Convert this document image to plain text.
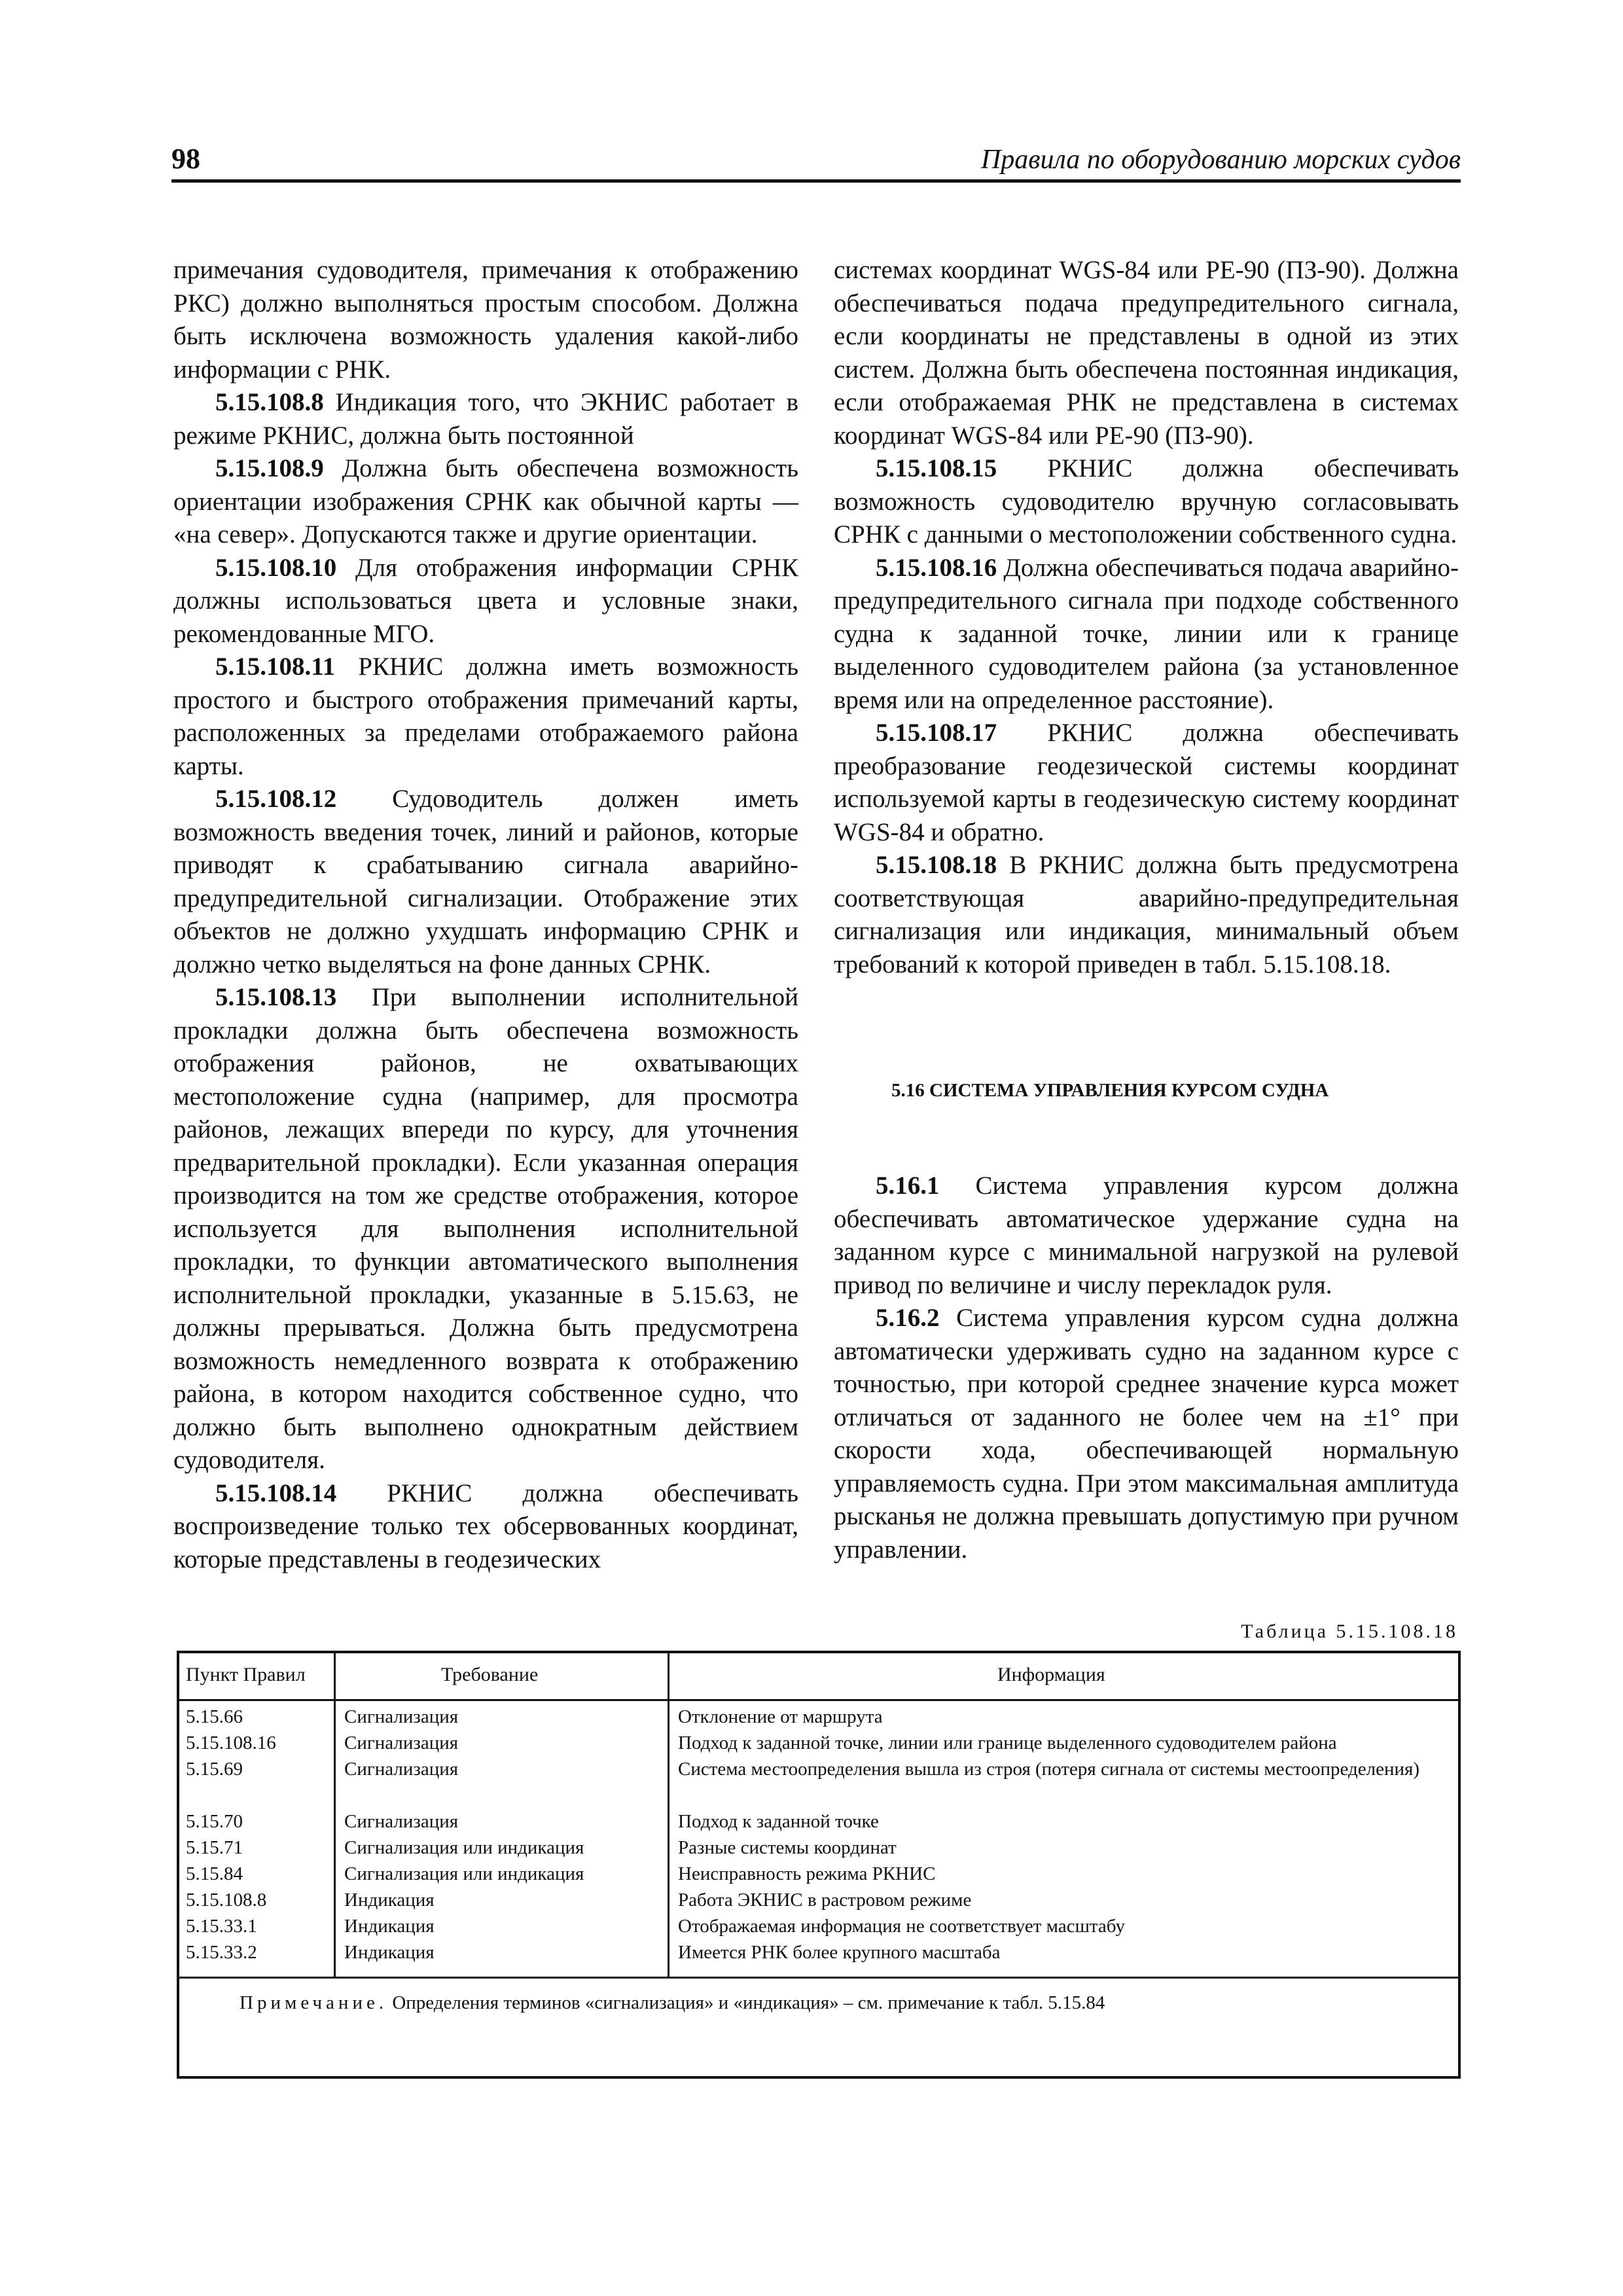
98	Правила по оборудованию морских судов

примечания судоводителя, примечания к отображению РКС) должно выполняться простым способом. Должна быть исключена возможность удаления какой-либо информации с РНК.

5.15.108.8 Индикация того, что ЭКНИС работает в режиме РКНИС, должна быть постоянной

5.15.108.9 Должна быть обеспечена возможность ориентации изображения СРНК как обычной карты — «на север». Допускаются также и другие ориентации.

5.15.108.10 Для отображения информации СРНК должны использоваться цвета и условные знаки, рекомендованные МГО.

5.15.108.11 РКНИС должна иметь возможность простого и быстрого отображения примечаний карты, расположенных за пределами отображаемого района карты.

5.15.108.12 Судоводитель должен иметь возможность введения точек, линий и районов, которые приводят к срабатыванию сигнала аварийно-предупредительной сигнализации. Отображение этих объектов не должно ухудшать информацию СРНК и должно четко выделяться на фоне данных СРНК.

5.15.108.13 При выполнении исполнительной прокладки должна быть обеспечена возможность отображения районов, не охватывающих местоположение судна (например, для просмотра районов, лежащих впереди по курсу, для уточнения предварительной прокладки). Если указанная операция производится на том же средстве отображения, которое используется для выполнения исполнительной прокладки, то функции автоматического выполнения исполнительной прокладки, указанные в 5.15.63, не должны прерываться. Должна быть предусмотрена возможность немедленного возврата к отображению района, в котором находится собственное судно, что должно быть выполнено однократным действием судоводителя.

5.15.108.14 РКНИС должна обеспечивать воспроизведение только тех обсервованных координат, которые представлены в геодезических

системах координат WGS-84 или PE-90 (ПЗ-90). Должна обеспечиваться подача предупредительного сигнала, если координаты не представлены в одной из этих систем. Должна быть обеспечена постоянная индикация, если отображаемая РНК не представлена в системах координат WGS-84 или PE-90 (ПЗ-90).

5.15.108.15 РКНИС должна обеспечивать возможность судоводителю вручную согласовывать СРНК с данными о местоположении собственного судна.

5.15.108.16 Должна обеспечиваться подача аварийно-предупредительного сигнала при подходе собственного судна к заданной точке, линии или к границе выделенного судоводителем района (за установленное время или на определенное расстояние).

5.15.108.17 РКНИС должна обеспечивать преобразование геодезической системы координат используемой карты в геодезическую систему координат WGS-84 и обратно.

5.15.108.18 В РКНИС должна быть предусмотрена соответствующая аварийно-предупредительная сигнализация или индикация, минимальный объем требований к которой приведен в табл. 5.15.108.18.

5.16 СИСТЕМА УПРАВЛЕНИЯ КУРСОМ СУДНА

5.16.1 Система управления курсом должна обеспечивать автоматическое удержание судна на заданном курсе с минимальной нагрузкой на рулевой привод по величине и числу перекладок руля.

5.16.2 Система управления курсом судна должна автоматически удерживать судно на заданном курсе с точностью, при которой среднее значение курса может отличаться от заданного не более чем на ±1° при скорости хода, обеспечивающей нормальную управляемость судна. При этом максимальная амплитуда рысканья не должна превышать допустимую при ручном управлении.

Таблица 5.15.108.18
Пункт Правил	Требование	Информация
5.15.66	Сигнализация	Отклонение от маршрута
5.15.108.16	Сигнализация	Подход к заданной точке, линии или границе выделенного судоводителем района
5.15.69	Сигнализация	Система местоопределения вышла из строя (потеря сигнала от системы местоопределения)
5.15.70	Сигнализация	Подход к заданной точке
5.15.71	Сигнализация или индикация	Разные системы координат
5.15.84	Сигнализация или индикация	Неисправность режима РКНИС
5.15.108.8	Индикация	Работа ЭКНИС в растровом режиме
5.15.33.1	Индикация	Отображаемая информация не соответствует масштабу
5.15.33.2	Индикация	Имеется РНК более крупного масштаба
Примечание. Определения терминов «сигнализация» и «индикация» – см. примечание к табл. 5.15.84
